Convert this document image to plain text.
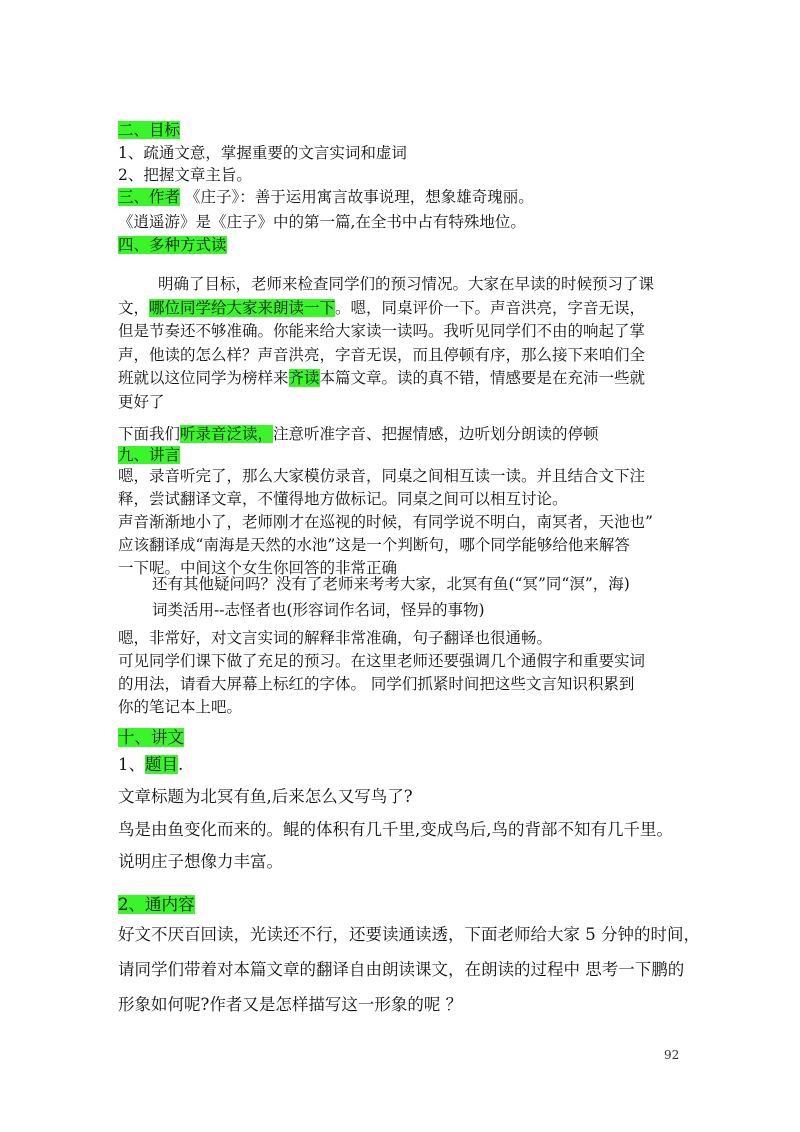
二、目标
1、疏通文意，掌握重要的文言实词和虚词
2、把握文章主旨。
三、作者 《庄子》：善于运用寓言故事说理，想象雄奇瑰丽。
《逍遥游》是《庄子》中的第一篇,在全书中占有特殊地位。
四、多种方式读

明确了目标，老师来检查同学们的预习情况。大家在早读的时候预习了课

文，哪位同学给大家来朗读一下。嗯，同桌评价一下。声音洪亮，字音无误，

但是节奏还不够准确。你能来给大家读一读吗。我听见同学们不由的响起了掌

声，他读的怎么样？声音洪亮，字音无误，而且停顿有序，那么接下来咱们全

班就以这位同学为榜样来齐读本篇文章。读的真不错，情感要是在充沛一些就

更好了

下面我们听录音泛读，注意听准字音、把握情感，边听划分朗读的停顿
九、讲言

嗯，录音听完了，那么大家模仿录音，同桌之间相互读一读。并且结合文下注

释，尝试翻译文章，不懂得地方做标记。同桌之间可以相互讨论。

声音渐渐地小了，老师刚才在巡视的时候，有同学说不明白，南冥者，天池也”

应该翻译成“南海是天然的水池”这是一个判断句，哪个同学能够给他来解答

一下呢。中间这个女生你回答的非常正确

还有其他疑问吗？没有了老师来考考大家，北冥有鱼(“冥”同“溟”，海)
词类活用--志怪者也(形容词作名词，怪异的事物)

嗯，非常好，对文言实词的解释非常准确，句子翻译也很通畅。

可见同学们课下做了充足的预习。在这里老师还要强调几个通假字和重要实词

的用法，请看大屏幕上标红的字体。 同学们抓紧时间把这些文言知识积累到

你的笔记本上吧。

十、讲文
1、题目.
文章标题为北冥有鱼,后来怎么又写鸟了?
鸟是由鱼变化而来的。鲲的体积有几千里,变成鸟后,鸟的背部不知有几千里。
说明庄子想像力丰富。
2、通内容
好文不厌百回读，光读还不行，还要读通读透，下面老师给大家 5 分钟的时间，
请同学们带着对本篇文章的翻译自由朗读课文，在朗读的过程中 思考一下鹏的
形象如何呢?作者又是怎样描写这一形象的呢 ？
92
